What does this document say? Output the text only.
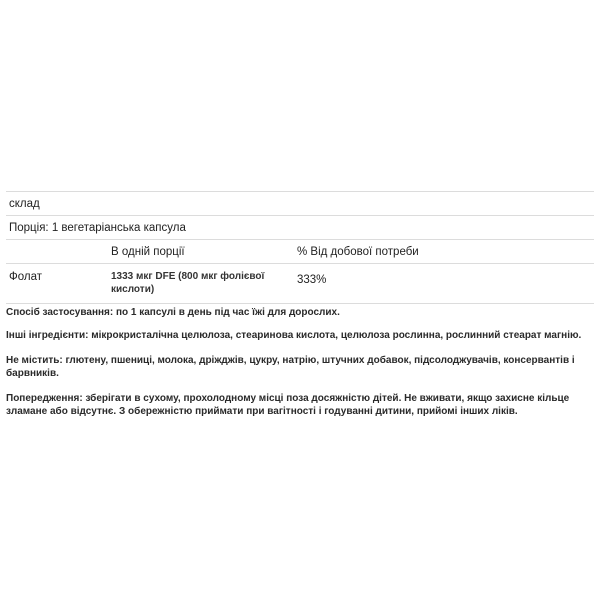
склад
Порція: 1 вегетаріанська капсула
В одній порції	% Від добової потреби
Фолат	1333 мкг DFE (800 мкг фолієвої кислоти)
333%

Спосіб застосування: по 1 капсулі в день під час їжі для дорослих.

Інші інгредієнти: мікрокристалічна целюлоза, стеаринова кислота, целюлоза рослинна, рослинний стеарат магнію.

Не містить: глютену, пшениці, молока, дріжджів, цукру, натрію, штучних добавок, підсолоджувачів, консервантів і барвників.

Попередження: зберігати в сухому, прохолодному місці поза досяжністю дітей. Не вживати, якщо захисне кільце зламане або відсутнє. З обережністю приймати при вагітності і годуванні дитини, прийомі інших ліків.
